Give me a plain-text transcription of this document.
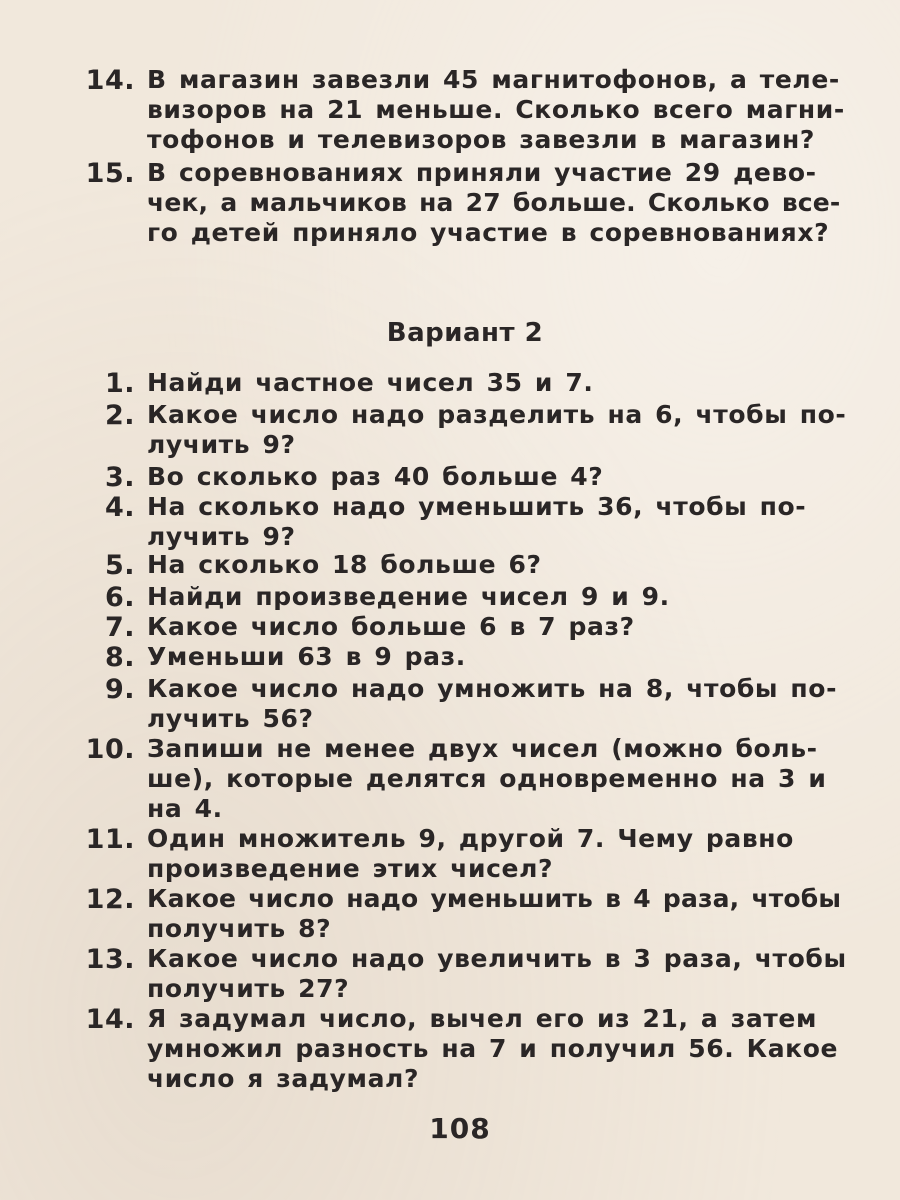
14. В магазин завезли 45 магнитофонов, а теле-
визоров на 21 меньше. Сколько всего магни-
тофонов и телевизоров завезли в магазин?
15. В соревнованиях приняли участие 29 дево-
чек, а мальчиков на 27 больше. Сколько все-
го детей приняло участие в соревнованиях?
Вариант 2
1. Найди частное чисел 35 и 7.
2. Какое число надо разделить на 6, чтобы по-
лучить 9?
3. Во сколько раз 40 больше 4?
4. На сколько надо уменьшить 36, чтобы по-
лучить 9?
5. На сколько 18 больше 6?
6. Найди произведение чисел 9 и 9.
7. Какое число больше 6 в 7 раз?
8. Уменьши 63 в 9 раз.
9. Какое число надо умножить на 8, чтобы по-
лучить 56?
10. Запиши не менее двух чисел (можно боль-
ше), которые делятся одновременно на 3 и
на 4.
11. Один множитель 9, другой 7. Чему равно
произведение этих чисел?
12. Какое число надо уменьшить в 4 раза, чтобы
получить 8?
13. Какое число надо увеличить в 3 раза, чтобы
получить 27?
14. Я задумал число, вычел его из 21, а затем
умножил разность на 7 и получил 56. Какое
число я задумал?
108
